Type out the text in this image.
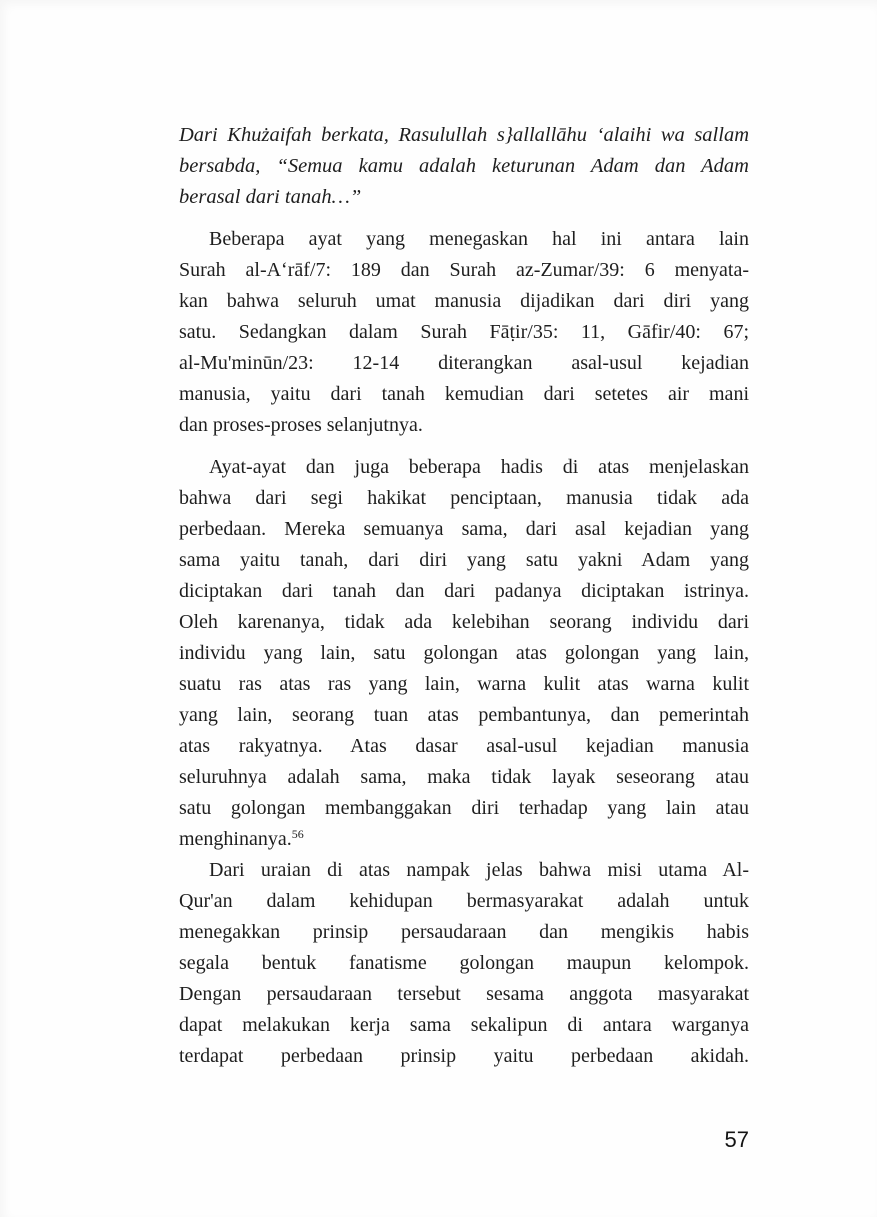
Dari Khużaifah berkata, Rasulullah s}allallāhu ‘alaihi wa sallam
bersabda, “Semua kamu adalah keturunan Adam dan Adam
berasal dari tanah…”
Beberapa ayat yang menegaskan hal ini antara lain
Surah al-A‘rāf/7: 189 dan Surah az-Zumar/39: 6 menyata-
kan bahwa seluruh umat manusia dijadikan dari diri yang
satu. Sedangkan dalam Surah Fāṭir/35: 11, Gāfir/40: 67;
al-Mu'minūn/23: 12-14 diterangkan asal-usul kejadian
manusia, yaitu dari tanah kemudian dari setetes air mani
dan proses-proses selanjutnya.
Ayat-ayat dan juga beberapa hadis di atas menjelaskan
bahwa dari segi hakikat penciptaan, manusia tidak ada
perbedaan. Mereka semuanya sama, dari asal kejadian yang
sama yaitu tanah, dari diri yang satu yakni Adam yang
diciptakan dari tanah dan dari padanya diciptakan istrinya.
Oleh karenanya, tidak ada kelebihan seorang individu dari
individu yang lain, satu golongan atas golongan yang lain,
suatu ras atas ras yang lain, warna kulit atas warna kulit
yang lain, seorang tuan atas pembantunya, dan pemerintah
atas rakyatnya. Atas dasar asal-usul kejadian manusia
seluruhnya adalah sama, maka tidak layak seseorang atau
satu golongan membanggakan diri terhadap yang lain atau
menghinanya.$^{56}$
Dari uraian di atas nampak jelas bahwa misi utama Al-
Qur'an dalam kehidupan bermasyarakat adalah untuk
menegakkan prinsip persaudaraan dan mengikis habis
segala bentuk fanatisme golongan maupun kelompok.
Dengan persaudaraan tersebut sesama anggota masyarakat
dapat melakukan kerja sama sekalipun di antara warganya
terdapat perbedaan prinsip yaitu perbedaan akidah.
57
